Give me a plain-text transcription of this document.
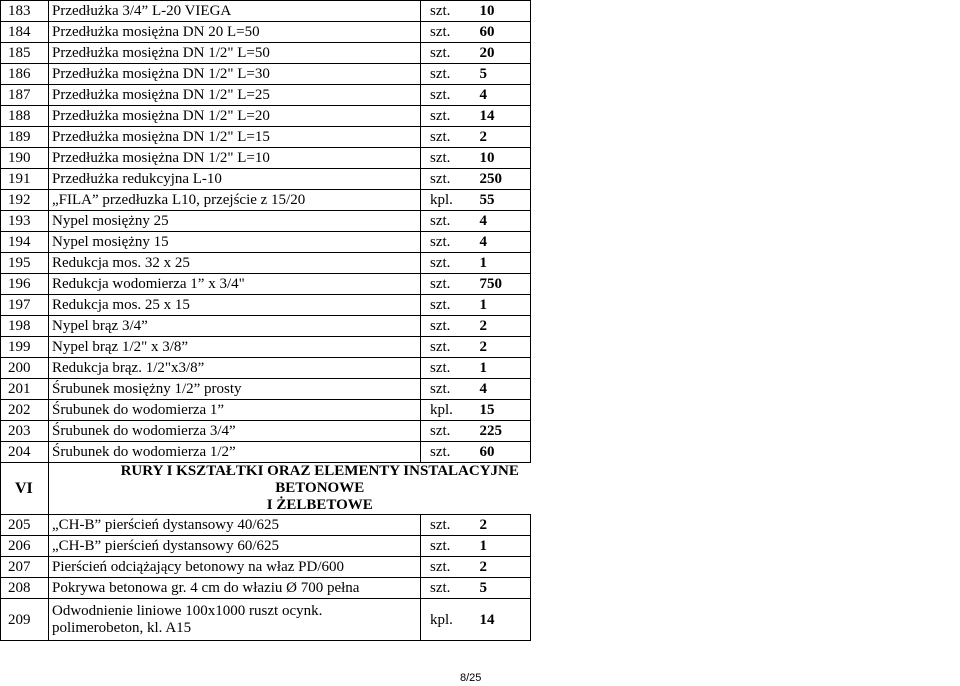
183	Przedłużka 3/4” L-20 VIEGA	szt.	10
184	Przedłużka mosiężna DN 20 L=50	szt.	60
185	Przedłużka mosiężna DN 1/2" L=50	szt.	20
186	Przedłużka mosiężna DN 1/2" L=30	szt.	5
187	Przedłużka mosiężna DN 1/2" L=25	szt.	4
188	Przedłużka mosiężna DN 1/2" L=20	szt.	14
189	Przedłużka mosiężna DN 1/2" L=15	szt.	2
190	Przedłużka mosiężna DN 1/2" L=10	szt.	10
191	Przedłużka redukcyjna L-10	szt.	250
192	„FILA” przedłuzka L10, przejście z 15/20	kpl.	55
193	Nypel mosiężny 25	szt.	4
194	Nypel mosiężny 15	szt.	4
195	Redukcja mos. 32 x 25	szt.	1
196	Redukcja wodomierza 1” x 3/4"	szt.	750
197	Redukcja mos. 25 x 15	szt.	1
198	Nypel brąz 3/4”	szt.	2
199	Nypel brąz 1/2" x 3/8”	szt.	2
200	Redukcja brąz. 1/2"x3/8”	szt.	1
201	Śrubunek mosiężny 1/2” prosty	szt.	4
202	Śrubunek do wodomierza 1”	kpl.	15
203	Śrubunek do wodomierza 3/4”	szt.	225
204	Śrubunek do wodomierza 1/2”	szt.	60
VI	RURY I KSZTAŁTKI ORAZ ELEMENTY INSTALACYJNE BETONOWE
I ŻELBETOWE		
205	„CH-B” pierścień dystansowy 40/625	szt.	2
206	„CH-B” pierścień dystansowy 60/625	szt.	1
207	Pierścień odciążający betonowy na właz PD/600	szt.	2
208	Pokrywa betonowa gr. 4 cm do właziu Ø 700 pełna	szt.	5
209	Odwodnienie liniowe 100x1000 ruszt ocynk.
polimerobeton, kl. A15	kpl.	14
8/25
